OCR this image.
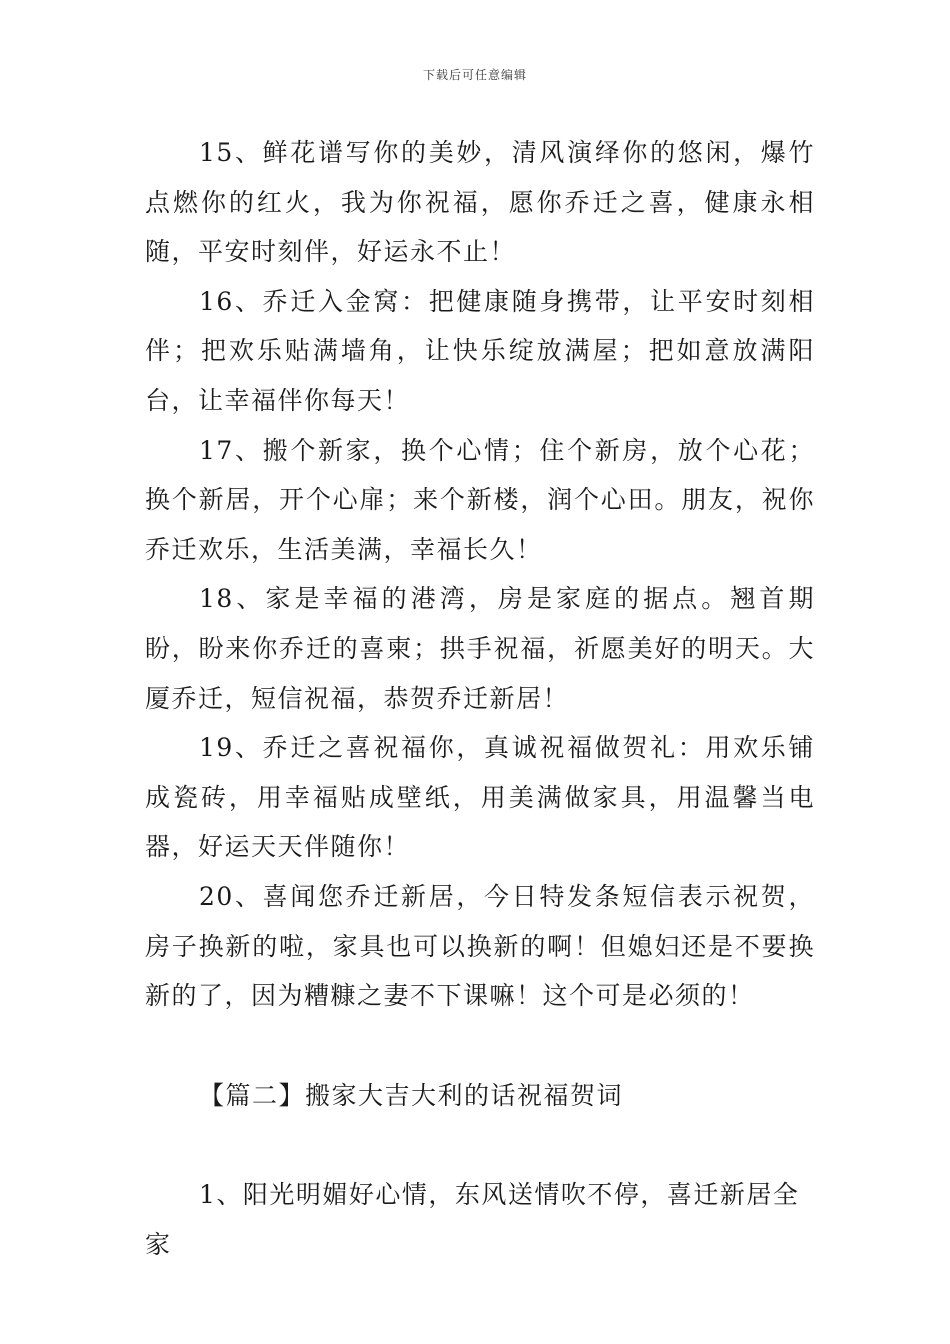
下载后可任意编辑

15、鲜花谱写你的美妙，清风演绎你的悠闲，爆竹点燃你的红火，我为你祝福，愿你乔迁之喜，健康永相随，平安时刻伴，好运永不止！

16、乔迁入金窝：把健康随身携带，让平安时刻相伴；把欢乐贴满墙角，让快乐绽放满屋；把如意放满阳台，让幸福伴你每天！

17、搬个新家，换个心情；住个新房，放个心花；换个新居，开个心扉；来个新楼，润个心田。朋友，祝你乔迁欢乐，生活美满，幸福长久！

18、家是幸福的港湾，房是家庭的据点。翘首期盼，盼来你乔迁的喜柬；拱手祝福，祈愿美好的明天。大厦乔迁，短信祝福，恭贺乔迁新居！

19、乔迁之喜祝福你，真诚祝福做贺礼：用欢乐铺成瓷砖，用幸福贴成壁纸，用美满做家具，用温馨当电器，好运天天伴随你！

20、喜闻您乔迁新居，今日特发条短信表示祝贺，房子换新的啦，家具也可以换新的啊！但媳妇还是不要换新的了，因为糟糠之妻不下课嘛！这个可是必须的！

【篇二】搬家大吉大利的话祝福贺词

1、阳光明媚好心情，东风送情吹不停，喜迁新居全家
